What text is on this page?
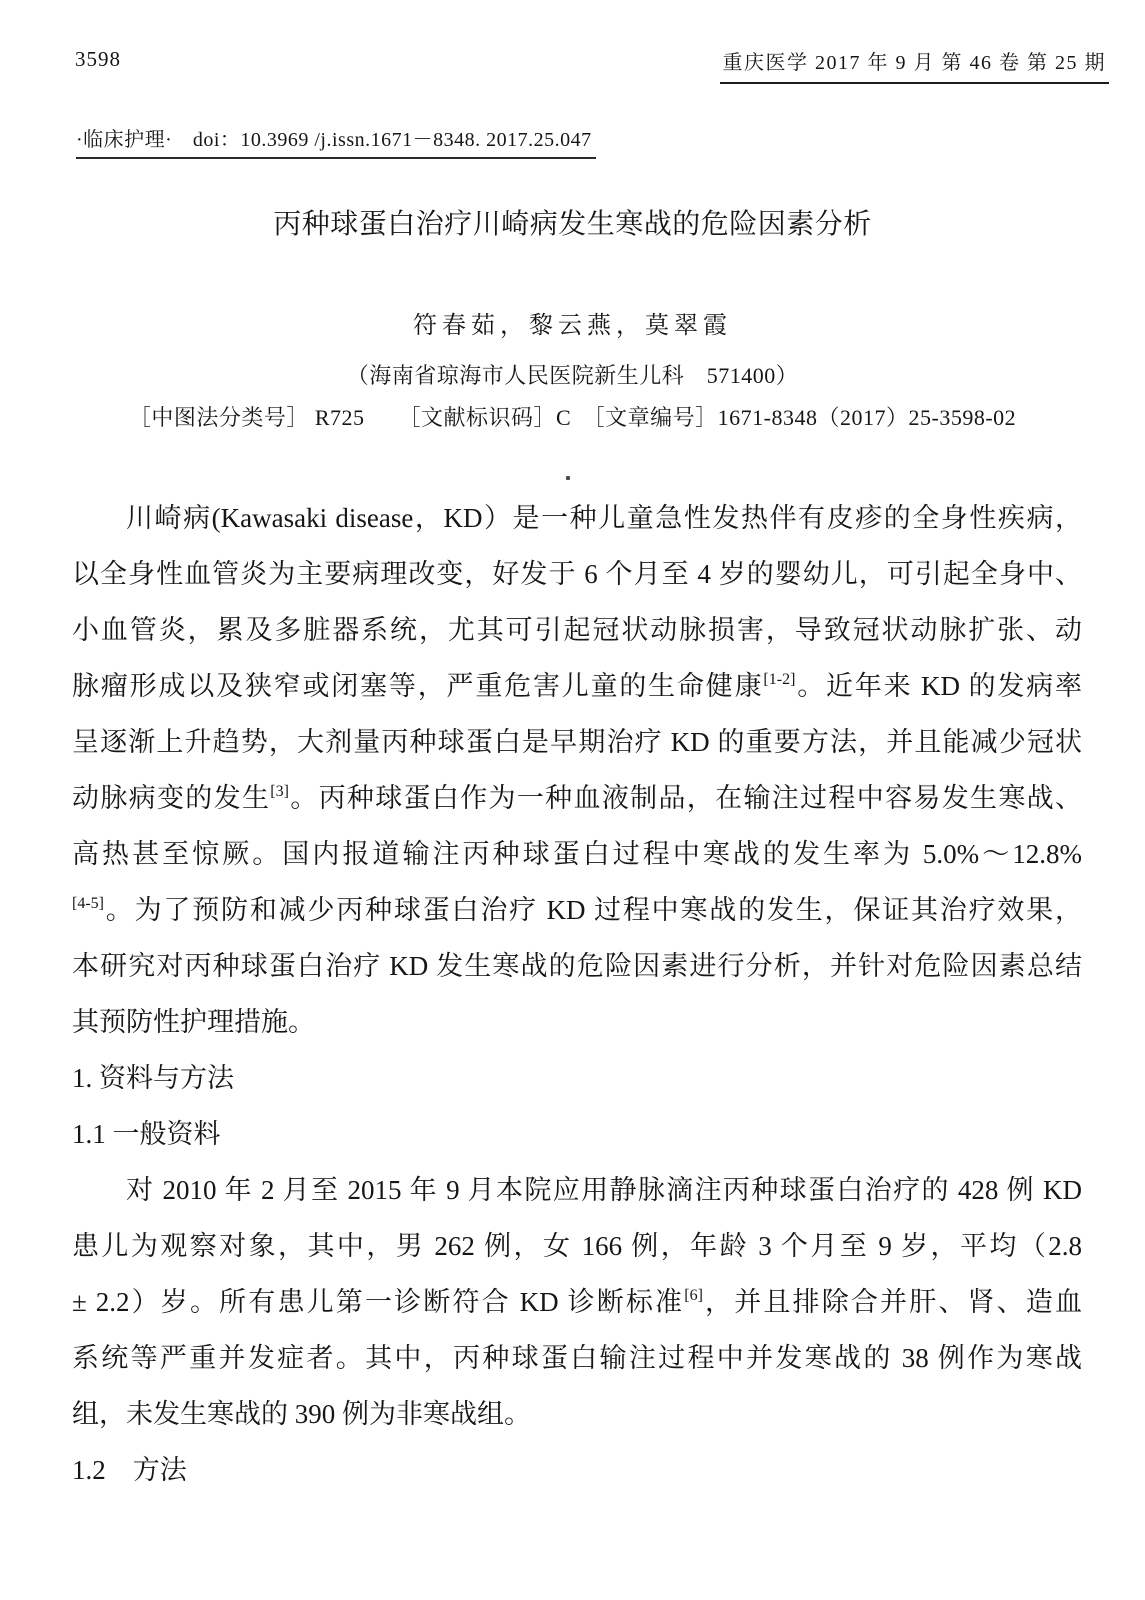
3598	重庆医学 2017 年 9 月 第 46 卷 第 25 期
·临床护理·　doi：10.3969 /j.issn.1671－8348. 2017.25.047
丙种球蛋白治疗川崎病发生寒战的危险因素分析
符春茹，黎云燕，莫翠霞
（海南省琼海市人民医院新生儿科　571400）
［中图法分类号］ R725　　［文献标识码］C　［文章编号］1671-8348（2017）25-3598-02
川崎病(Kawasaki disease，KD）是一种儿童急性发热伴有皮疹的全身性疾病，
以全身性血管炎为主要病理改变，好发于 6 个月至 4 岁的婴幼儿，可引起全身中、
小血管炎，累及多脏器系统，尤其可引起冠状动脉损害，导致冠状动脉扩张、动
脉瘤形成以及狭窄或闭塞等，严重危害儿童的生命健康[1-2]。近年来 KD 的发病率
呈逐渐上升趋势，大剂量丙种球蛋白是早期治疗 KD 的重要方法，并且能减少冠状
动脉病变的发生[3]。丙种球蛋白作为一种血液制品，在输注过程中容易发生寒战、
高热甚至惊厥。国内报道输注丙种球蛋白过程中寒战的发生率为 5.0%～12.8%
[4-5]。为了预防和减少丙种球蛋白治疗 KD 过程中寒战的发生，保证其治疗效果，
本研究对丙种球蛋白治疗 KD 发生寒战的危险因素进行分析，并针对危险因素总结
其预防性护理措施。
1. 资料与方法
1.1 一般资料
对 2010 年 2 月至 2015 年 9 月本院应用静脉滴注丙种球蛋白治疗的 428 例 KD
患儿为观察对象，其中，男 262 例，女 166 例，年龄 3 个月至 9 岁，平均（2.8
± 2.2）岁。所有患儿第一诊断符合 KD 诊断标准[6]，并且排除合并肝、肾、造血
系统等严重并发症者。其中，丙种球蛋白输注过程中并发寒战的 38 例作为寒战
组，未发生寒战的 390 例为非寒战组。
1.2　方法
